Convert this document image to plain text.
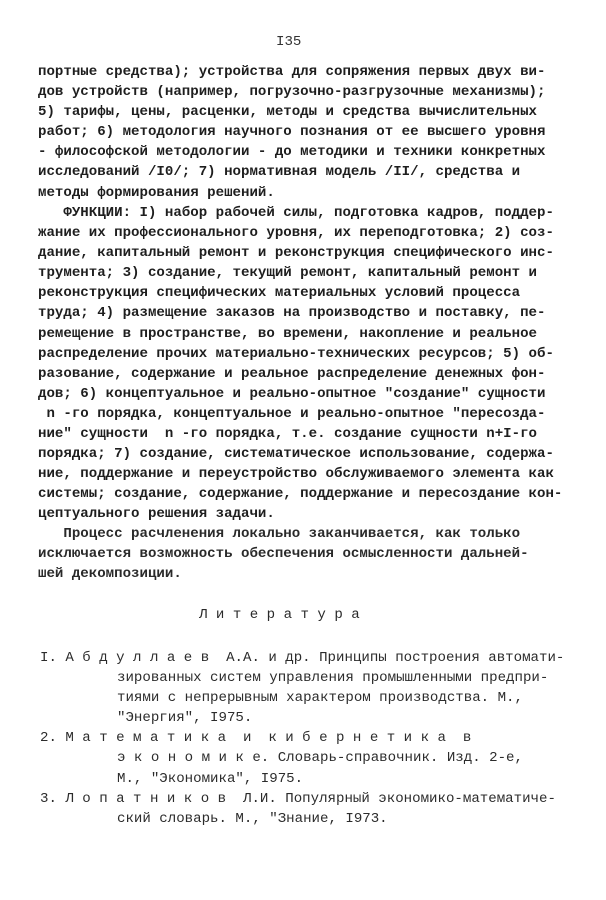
I35
портные средства); устройства для сопряжения первых двух ви-
дов устройств (например, погрузочно-разгрузочные механизмы);
5) тарифы, цены, расценки, методы и средства вычислительных
работ; 6) методология научного познания от ее высшего уровня
- философской методологии - до методики и техники конкретных
исследований /I0/; 7) нормативная модель /II/, средства и
методы формирования решений.
ФУНКЦИИ: I) набор рабочей силы, подготовка кадров, поддер-
жание их профессионального уровня, их переподготовка; 2) соз-
дание, капитальный ремонт и реконструкция специфического инс-
трумента; 3) создание, текущий ремонт, капитальный ремонт и
реконструкция специфических материальных условий процесса
труда; 4) размещение заказов на производство и поставку, пе-
ремещение в пространстве, во времени, накопление и реальное
распределение прочих материально-технических ресурсов; 5) об-
разование, содержание и реальное распределение денежных фон-
дов; 6) концептуальное и реально-опытное "создание" сущности
n -го порядка, концептуальное и реально-опытное "пересозда-
ние" сущности  n -го порядка, т.е. создание сущности n+I-го
порядка; 7) создание, систематическое использование, содержа-
ние, поддержание и переустройство обслуживаемого элемента как
системы; создание, содержание, поддержание и пересоздание кон-
цептуального решения задачи.
Процесс расчленения локально заканчивается, как только
исключается возможность обеспечения осмысленности дальней-
шей декомпозиции.
Л и т е р а т у р а
I. А б д у л л а е в  А.А. и др. Принципы построения автомати-
зированных систем управления промышленными предпри-
тиями с непрерывным характером производства. М.,
"Энергия", I975.
2. М а т е м а т и к а  и  к и б е р н е т и к а  в
э к о н о м и к е. Словарь-справочник. Изд. 2-е,
М., "Экономика", I975.
3. Л о п а т н и к о в  Л.И. Популярный экономико-математиче-
ский словарь. М., "Знание, I973.
